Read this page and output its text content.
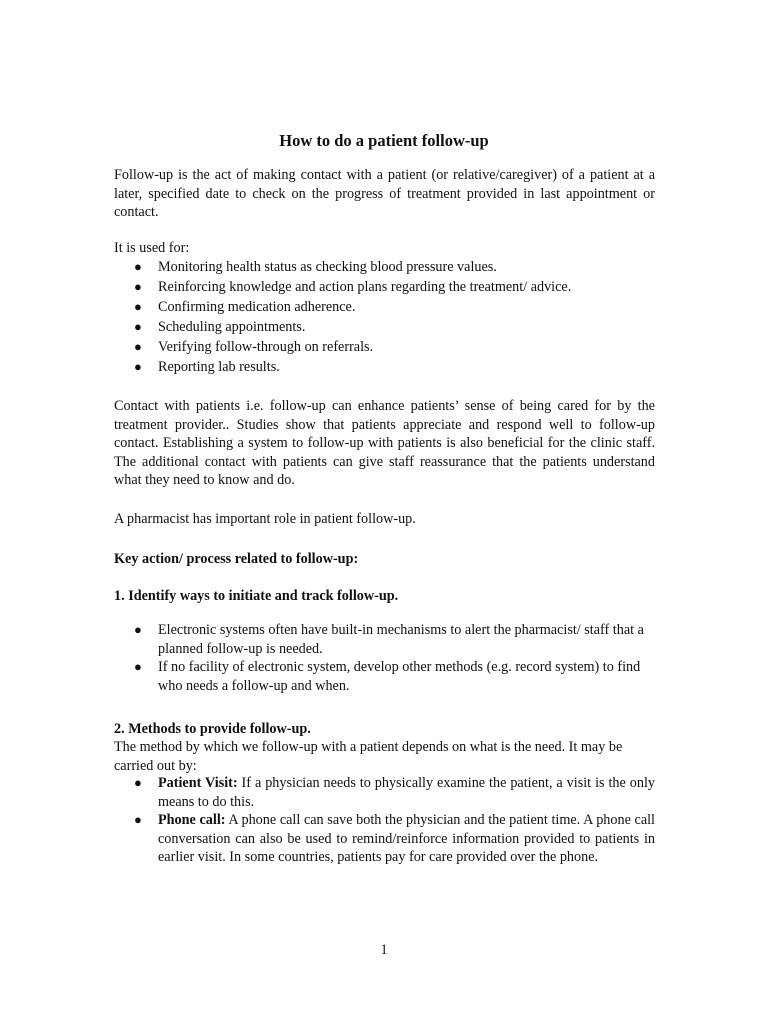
How to do a patient follow-up
Follow-up is the act of making contact with a patient (or relative/caregiver) of a patient at a later, specified date to check on the progress of treatment provided in last appointment or contact.
It is used for:
● Monitoring health status as checking blood pressure values.
● Reinforcing knowledge and action plans regarding the treatment/ advice.
● Confirming medication adherence.
● Scheduling appointments.
● Verifying follow-through on referrals.
● Reporting lab results.
Contact with patients i.e. follow-up can enhance patients’ sense of being cared for by the treatment provider.. Studies show that patients appreciate and respond well to follow-up contact. Establishing a system to follow-up with patients is also beneficial for the clinic staff. The additional contact with patients can give staff reassurance that the patients understand what they need to know and do.
A pharmacist has important role in patient follow-up.
Key action/ process related to follow-up:
1. Identify ways to initiate and track follow-up.
● Electronic systems often have built-in mechanisms to alert the pharmacist/ staff that a planned follow-up is needed.
● If no facility of electronic system, develop other methods (e.g. record system) to find who needs a follow-up and when.
2. Methods to provide follow-up.
The method by which we follow-up with a patient depends on what is the need. It may be carried out by:
● Patient Visit: If a physician needs to physically examine the patient, a visit is the only means to do this.
● Phone call: A phone call can save both the physician and the patient time. A phone call conversation can also be used to remind/reinforce information provided to patients in earlier visit. In some countries, patients pay for care provided over the phone.
1
